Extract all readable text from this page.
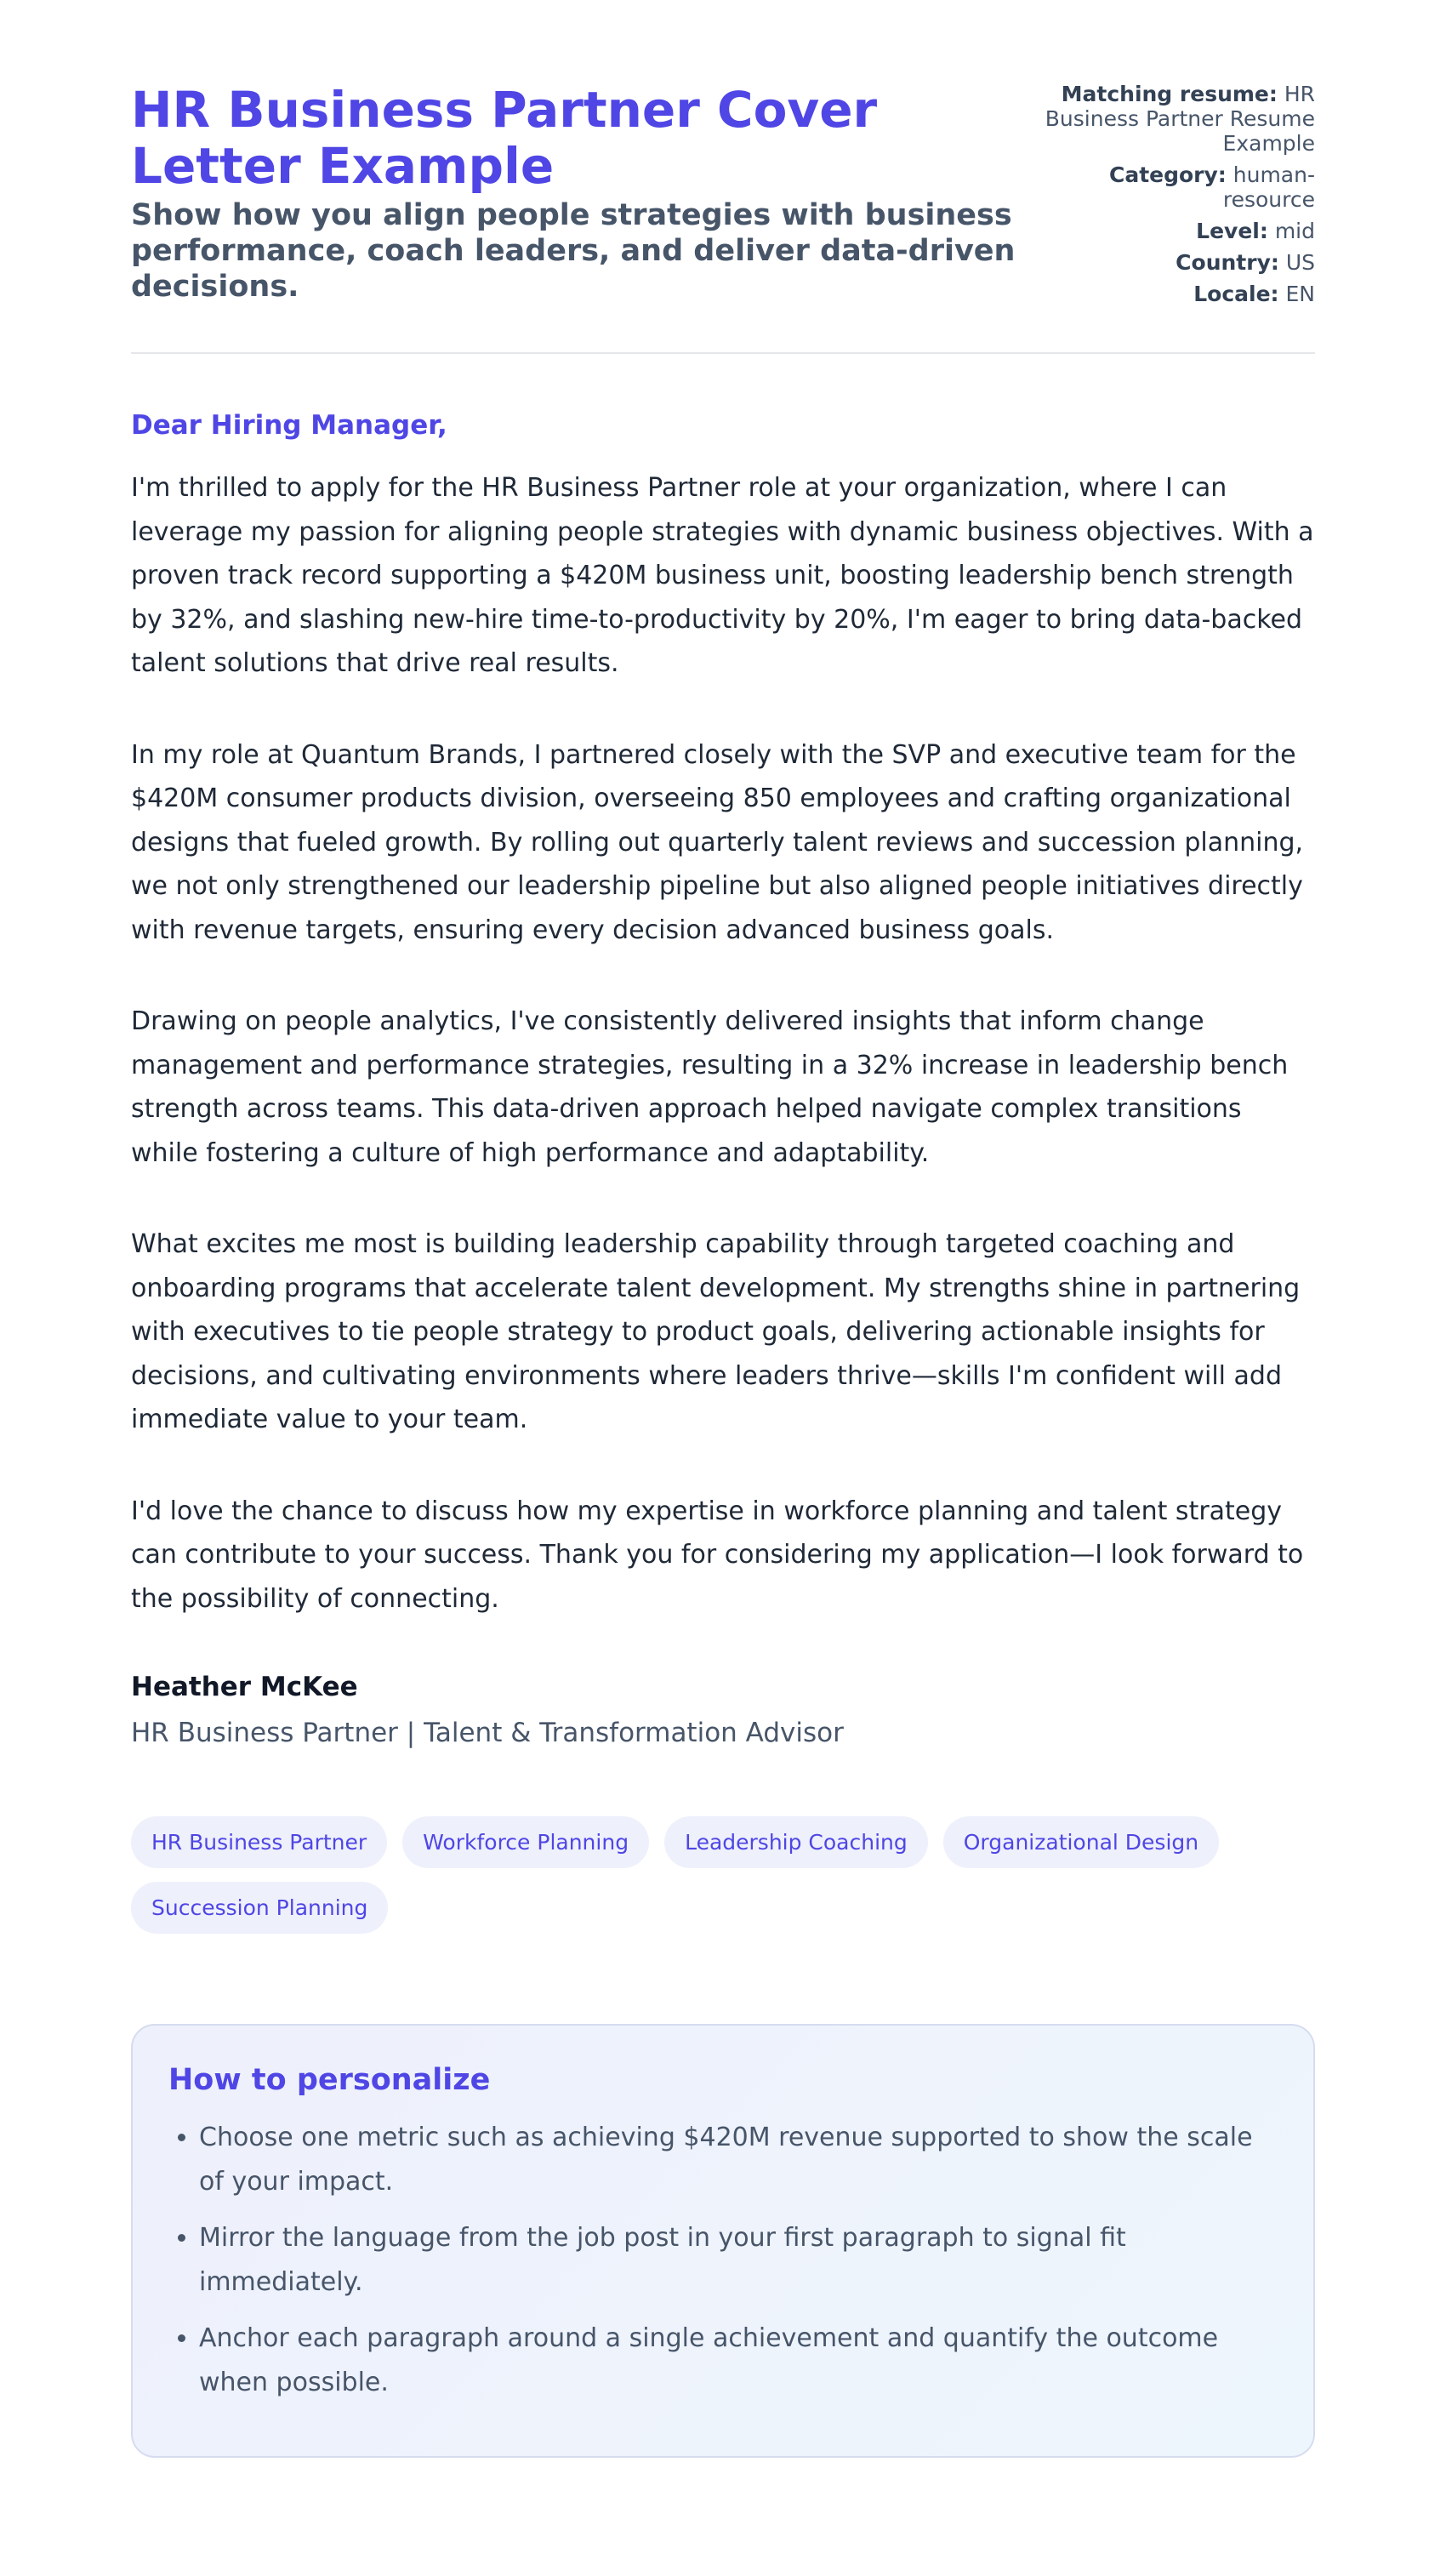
HR Business Partner Cover Letter Example
Show how you align people strategies with business performance, coach leaders, and deliver data-driven decisions.
Matching resume: HR Business Partner Resume Example
Category: human-resource
Level: mid
Country: US
Locale: EN
Dear Hiring Manager,

I'm thrilled to apply for the HR Business Partner role at your organization, where I can leverage my passion for aligning people strategies with dynamic business objectives. With a proven track record supporting a $420M business unit, boosting leadership bench strength by 32%, and slashing new-hire time-to-productivity by 20%, I'm eager to bring data-backed talent solutions that drive real results.

In my role at Quantum Brands, I partnered closely with the SVP and executive team for the $420M consumer products division, overseeing 850 employees and crafting organizational designs that fueled growth. By rolling out quarterly talent reviews and succession planning, we not only strengthened our leadership pipeline but also aligned people initiatives directly with revenue targets, ensuring every decision advanced business goals.

Drawing on people analytics, I've consistently delivered insights that inform change management and performance strategies, resulting in a 32% increase in leadership bench strength across teams. This data-driven approach helped navigate complex transitions while fostering a culture of high performance and adaptability.

What excites me most is building leadership capability through targeted coaching and onboarding programs that accelerate talent development. My strengths shine in partnering with executives to tie people strategy to product goals, delivering actionable insights for decisions, and cultivating environments where leaders thrive—skills I'm confident will add immediate value to your team.

I'd love the chance to discuss how my expertise in workforce planning and talent strategy can contribute to your success. Thank you for considering my application—I look forward to the possibility of connecting.

Heather McKee
HR Business Partner | Talent & Transformation Advisor
HR Business Partner	Workforce Planning	Leadership Coaching	Organizational Design
Succession Planning
How to personalize
• Choose one metric such as achieving $420M revenue supported to show the scale of your impact.
• Mirror the language from the job post in your first paragraph to signal fit immediately.
• Anchor each paragraph around a single achievement and quantify the outcome when possible.
